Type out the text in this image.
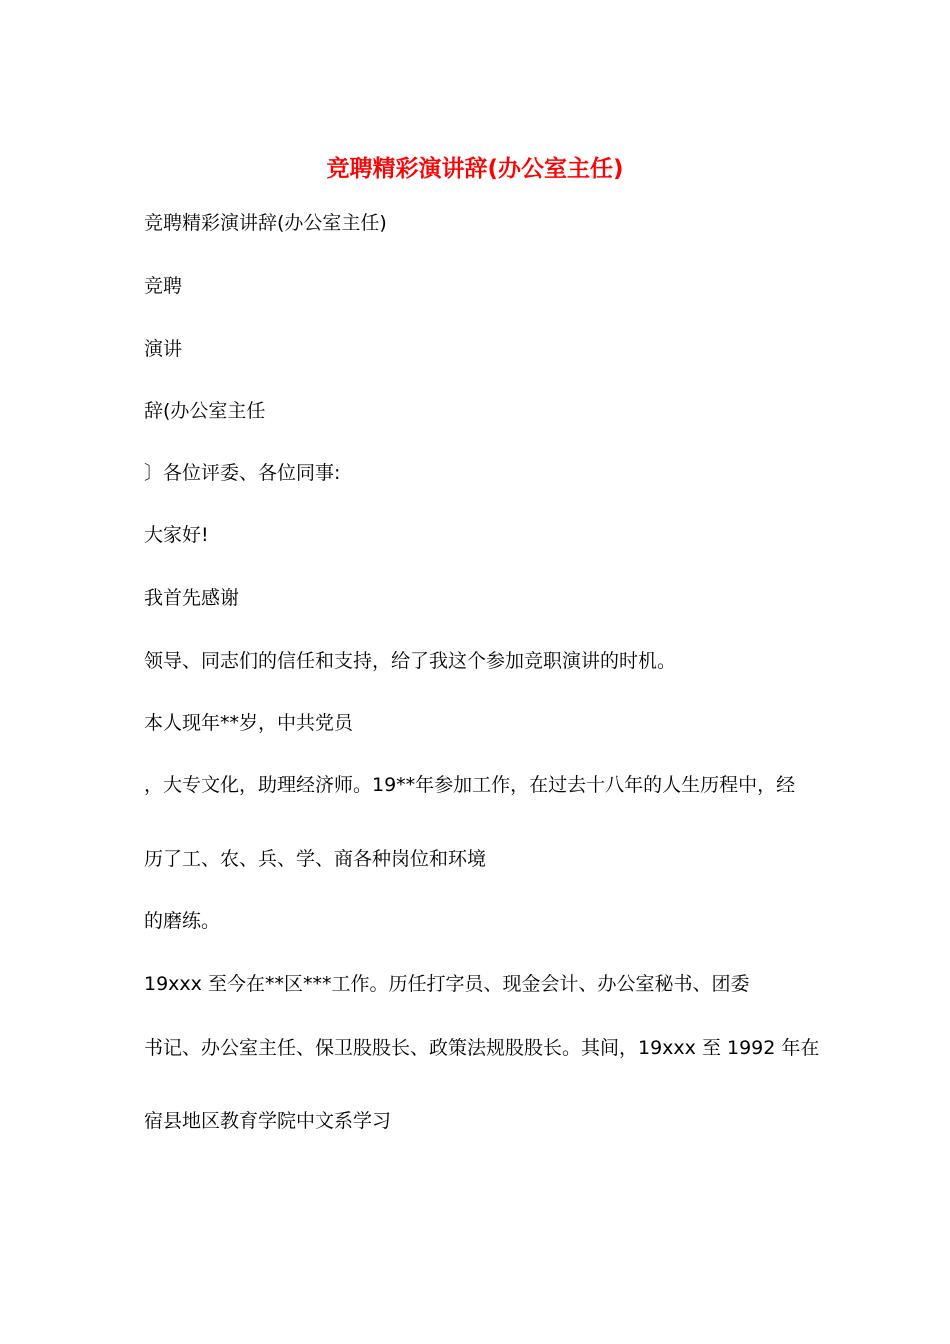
竞聘精彩演讲辞(办公室主任)
竞聘精彩演讲辞(办公室主任)
竞聘
演讲
辞(办公室主任
〕各位评委、各位同事:
大家好!
我首先感谢
领导、同志们的信任和支持，给了我这个参加竞职演讲的时机。
本人现年**岁，中共党员
，大专文化，助理经济师。19**年参加工作，在过去十八年的人生历程中，经
历了工、农、兵、学、商各种岗位和环境
的磨练。
19xxx 至今在**区***工作。历任打字员、现金会计、办公室秘书、团委
书记、办公室主任、保卫股股长、政策法规股股长。其间，19xxx 至 1992 年在
宿县地区教育学院中文系学习
